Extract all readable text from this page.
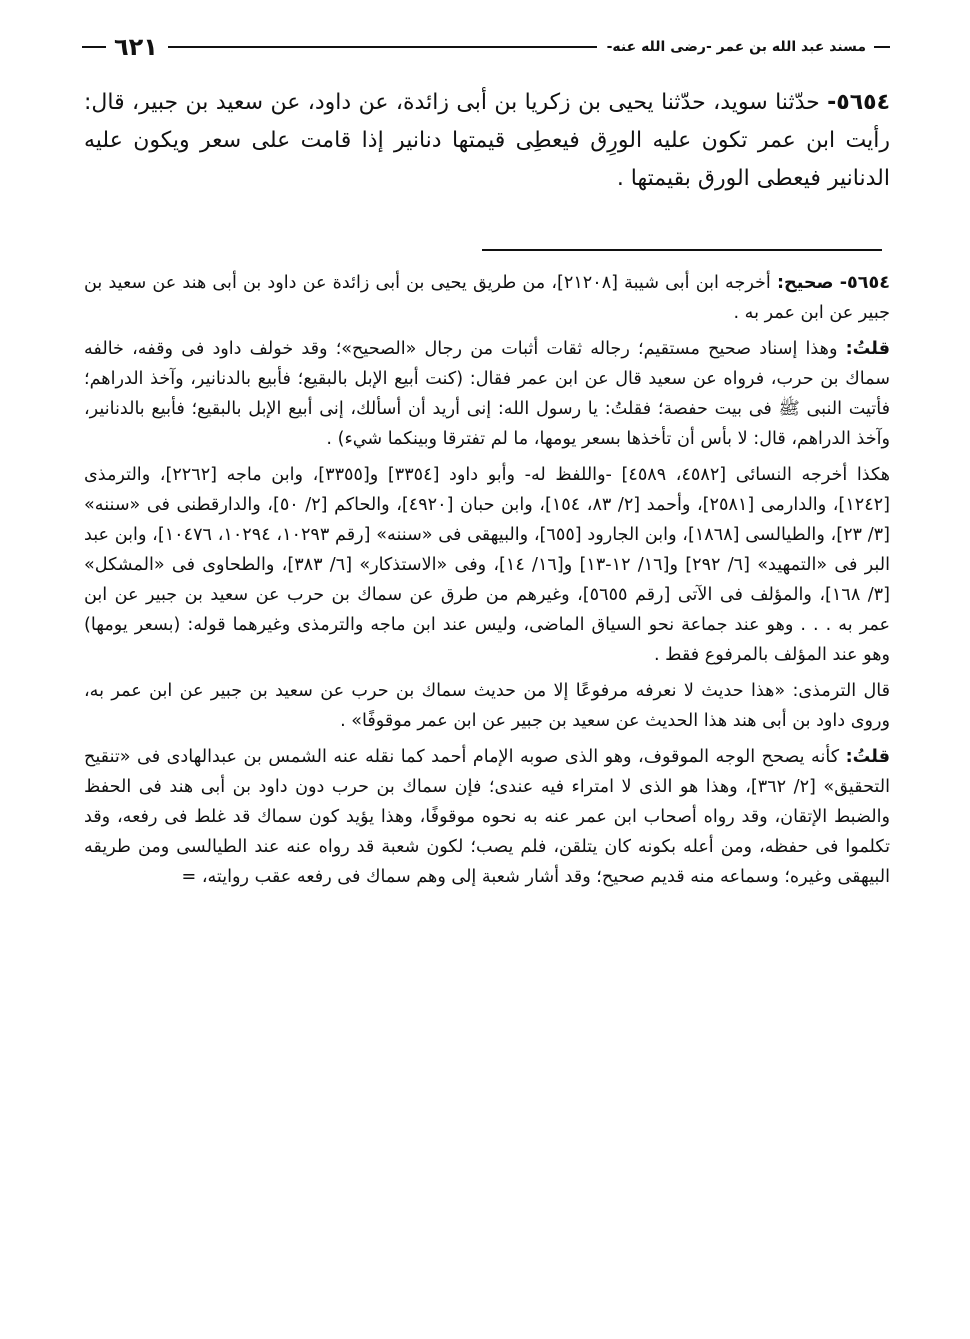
مسند عبد الله بن عمر -رضى الله عنه-
٦٢١
٥٦٥٤- حدّثنا سويد، حدّثنا يحيى بن زكريا بن أبى زائدة، عن داود، عن سعيد بن جبير، قال: رأيت ابن عمر تكون عليه الورِق فيعطِى قيمتها دنانير إذا قامت على سعر ويكون عليه الدنانير فيعطى الورق بقيمتها .

٥٦٥٤- صحيح: أخرجه ابن أبى شيبة [٢١٢٠٨]، من طريق يحيى بن أبى زائدة عن داود بن أبى هند عن سعيد بن جبير عن ابن عمر به .

قلتُ: وهذا إسناد صحيح مستقيم؛ رجاله ثقات أثبات من رجال «الصحيح»؛ وقد خولف داود فى وقفه، خالفه سماك بن حرب، فرواه عن سعيد قال عن ابن عمر فقال: (كنت أبيع الإبل بالبقيع؛ فأبيع بالدنانير، وآخذ الدراهم؛ فأتيت النبى ﷺ فى بيت حفصة؛ فقلتُ: يا رسول الله: إنى أريد أن أسألك، إنى أبيع الإبل بالبقيع؛ فأبيع بالدنانير، وآخذ الدراهم، قال: لا بأس أن تأخذها بسعر يومها، ما لم تفترقا وبينكما شيء) .

هكذا أخرجه النسائى [٤٥٨٢، ٤٥٨٩] -واللفظ له- وأبو داود [٣٣٥٤] و[٣٣٥٥]، وابن ماجه [٢٢٦٢]، والترمذى [١٢٤٢]، والدارمى [٢٥٨١]، وأحمد [٢/ ٨٣، ١٥٤]، وابن حبان [٤٩٢٠]، والحاكم [٢/ ٥٠]، والدارقطنى فى «سننه» [٣/ ٢٣]، والطيالسى [١٨٦٨]، وابن الجارود [٦٥٥]، والبيهقى فى «سننه» [رقم ١٠٢٩٣، ١٠٢٩٤، ١٠٤٧٦]، وابن عبد البر فى «التمهيد» [٦/ ٢٩٢] و[١٦/ ١٢-١٣] و[١٦/ ١٤]، وفى «الاستذكار» [٦/ ٣٨٣]، والطحاوى فى «المشكل» [٣/ ١٦٨]، والمؤلف فى الآتى [رقم ٥٦٥٥]، وغيرهم من طرق عن سماك بن حرب عن سعيد بن جبير عن ابن عمر به . . . وهو عند جماعة نحو السياق الماضى، وليس عند ابن ماجه والترمذى وغيرهما قوله: (بسعر يومها) وهو عند المؤلف بالمرفوع فقط .

قال الترمذى: «هذا حديث لا نعرفه مرفوعًا إلا من حديث سماك بن حرب عن سعيد بن جبير عن ابن عمر به، وروى داود بن أبى هند هذا الحديث عن سعيد بن جبير عن ابن عمر موقوفًا» .

قلتُ: كأنه يصحح الوجه الموقوف، وهو الذى صوبه الإمام أحمد كما نقله عنه الشمس بن عبدالهادى فى «تنقيح التحقيق» [٢/ ٣٦٢]، وهذا هو الذى لا امتراء فيه عندى؛ فإن سماك بن حرب دون داود بن أبى هند فى الحفظ والضبط الإتقان، وقد رواه أصحاب ابن عمر عنه به نحوه موقوفًا، وهذا يؤيد كون سماك قد غلط فى رفعه، وقد تكلموا فى حفظه، ومن أعله بكونه كان يتلقن، فلم يصب؛ لكون شعبة قد رواه عنه عند الطيالسى ومن طريقه البيهقى وغيره؛ وسماعه منه قديم صحيح؛ وقد أشار شعبة إلى وهم سماك فى رفعه عقب روايته، =
